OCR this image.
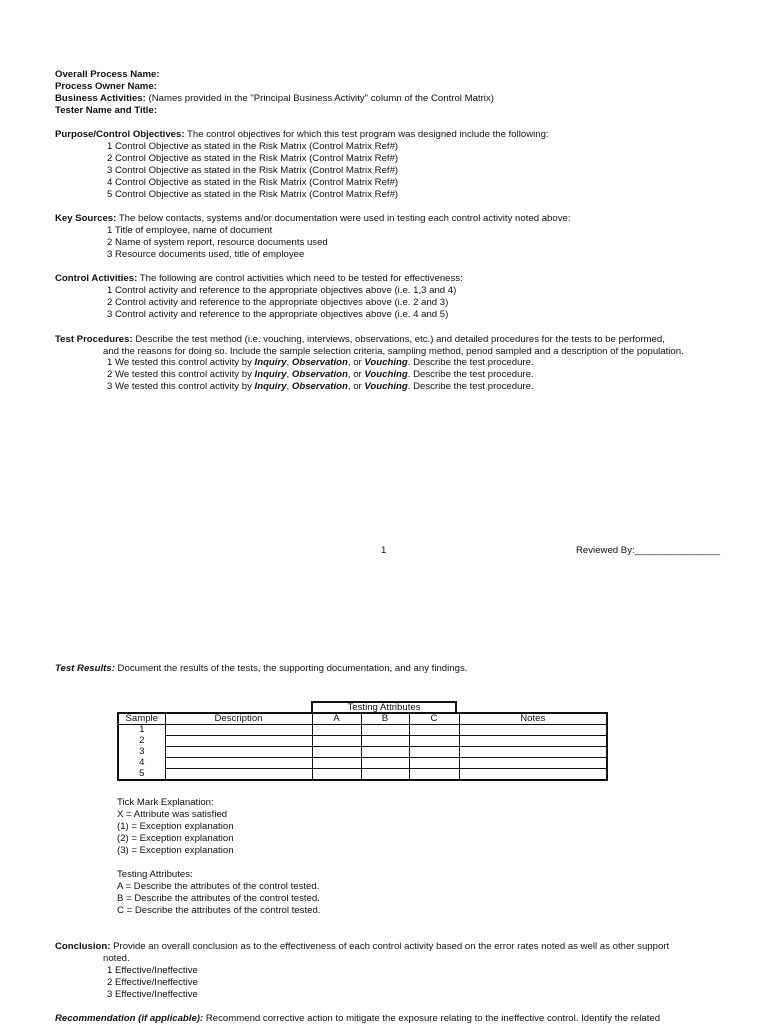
Overall Process Name:
Process Owner Name:
Business Activities: (Names provided in the "Principal Business Activity" column of the Control Matrix)
Tester Name and Title:
Purpose/Control Objectives: The control objectives for which this test program was designed include the following:
1 Control Objective as stated in the Risk Matrix (Control Matrix Ref#)
2 Control Objective as stated in the Risk Matrix (Control Matrix Ref#)
3 Control Objective as stated in the Risk Matrix (Control Matrix Ref#)
4 Control Objective as stated in the Risk Matrix (Control Matrix Ref#)
5 Control Objective as stated in the Risk Matrix (Control Matrix Ref#)
Key Sources: The below contacts, systems and/or documentation were used in testing each control activity noted above:
1 Title of employee, name of document
2 Name of system report, resource documents used
3 Resource documents used, title of employee
Control Activities: The following are control activities which need to be tested for effectiveness:
1 Control activity and reference to the appropriate objectives above (i.e. 1,3 and 4)
2 Control activity and reference to the appropriate objectives above (i.e. 2 and 3)
3 Control activity and reference to the appropriate objectives above (i.e. 4 and 5)
Test Procedures: Describe the test method (i.e. vouching, interviews, observations, etc.) and detailed procedures for the tests to be performed,
and the reasons for doing so. Include the sample selection criteria, sampling method, period sampled and a description of the population.
1 We tested this control activity by Inquiry, Observation, or Vouching. Describe the test procedure.
2 We tested this control activity by Inquiry, Observation, or Vouching. Describe the test procedure.
3 We tested this control activity by Inquiry, Observation, or Vouching. Describe the test procedure.
1	Reviewed By:________________
Test Results: Document the results of the tests, the supporting documentation, and any findings.
Testing Attributes
Sample	Description	A	B	C	Notes
1					
2					
3					
4					
5					
Tick Mark Explanation:
X = Attribute was satisfied
(1) = Exception explanation
(2) = Exception explanation
(3) = Exception explanation
Testing Attributes:
A = Describe the attributes of the control tested.
B = Describe the attributes of the control tested.
C = Describe the attributes of the control tested.
Conclusion: Provide an overall conclusion as to the effectiveness of each control activity based on the error rates noted as well as other support
noted.
1 Effective/Ineffective
2 Effective/Ineffective
3 Effective/Ineffective
Recommendation (if applicable): Recommend corrective action to mitigate the exposure relating to the ineffective control. Identify the related
